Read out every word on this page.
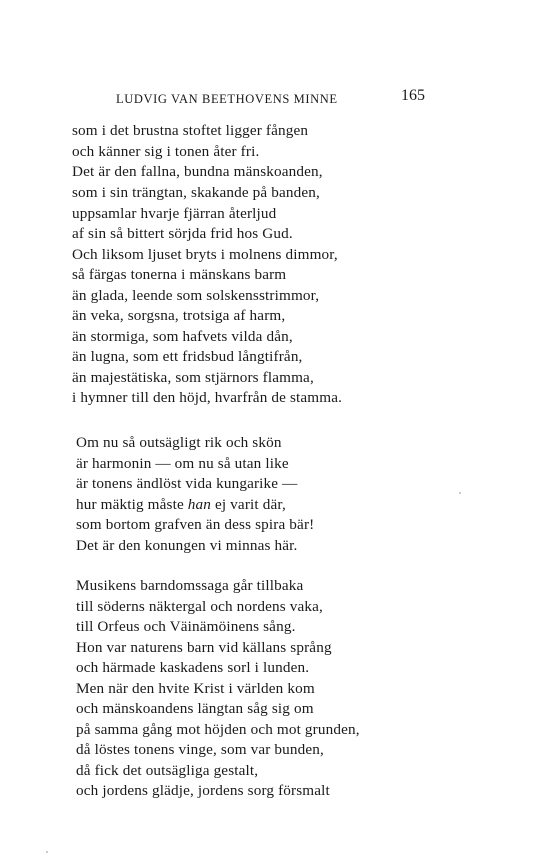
LUDVIG VAN BEETHOVENS MINNE	165
som i det brustna stoftet ligger fången
och känner sig i tonen åter fri.
Det är den fallna, bundna mänskoanden,
som i sin trängtan, skakande på banden,
uppsamlar hvarje fjärran återljud
af sin så bittert sörjda frid hos Gud.
Och liksom ljuset bryts i molnens dimmor,
så färgas tonerna i mänskans barm
än glada, leende som solskensstrimmor,
än veka, sorgsna, trotsiga af harm,
än stormiga, som hafvets vilda dån,
än lugna, som ett fridsbud långtifrån,
än majestätiska, som stjärnors flamma,
i hymner till den höjd, hvarfrån de stamma.
Om nu så outsägligt rik och skön
är harmonin — om nu så utan like
är tonens ändlöst vida kungarike —
hur mäktig måste han ej varit där,
som bortom grafven än dess spira bär!
Det är den konungen vi minnas här.
Musikens barndomssaga går tillbaka
till söderns näktergal och nordens vaka,
till Orfeus och Väinämöinens sång.
Hon var naturens barn vid källans språng
och härmade kaskadens sorl i lunden.
Men när den hvite Krist i världen kom
och mänskoandens längtan såg sig om
på samma gång mot höjden och mot grunden,
då löstes tonens vinge, som var bunden,
då fick det outsägliga gestalt,
och jordens glädje, jordens sorg försmalt
